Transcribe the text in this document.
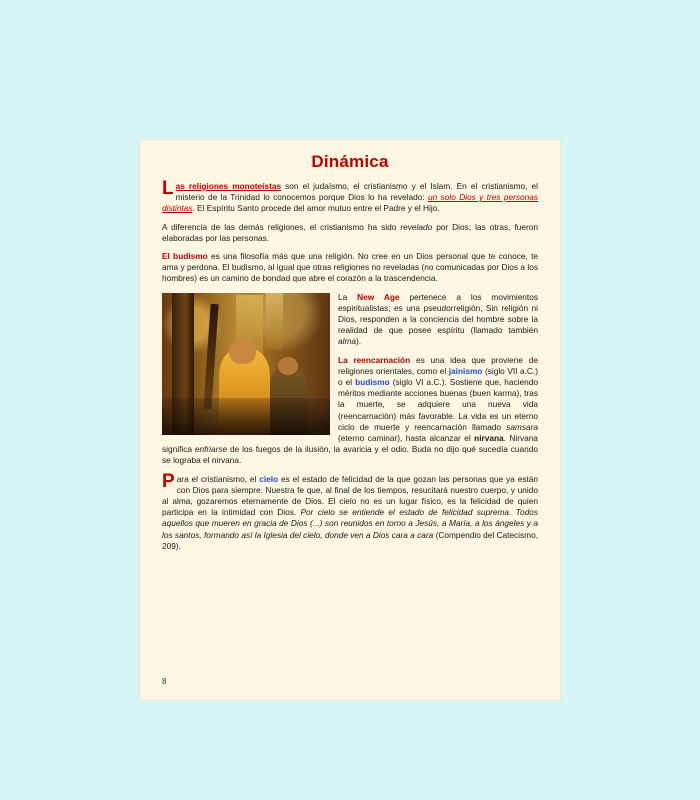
Dinámica

Las religiones monoteístas son el judaísmo, el cristianismo y el Islam. En el cristianismo, el misterio de la Trinidad lo conocemos porque Dios lo ha revelado: un solo Dios y tres personas distintas. El Espíritu Santo procede del amor mutuo entre el Padre y el Hijo.

A diferencia de las demás religiones, el cristianismo ha sido revelado por Dios; las otras, fueron elaboradas por las personas.

El budismo es una filosofía más que una religión. No cree en un Dios personal que te conoce, te ama y perdona. El budismo, al igual que otras religiones no reveladas (no comunicadas por Dios a los hombres) es un camino de bondad que abre el corazón a la trascendencia.

La New Age pertenece a los movimientos espiritualistas; es una pseudorreligión, Sin religión ni Dios, responden a la conciencia del hombre sobre la realidad de que posee espíritu (llamado también alma).

La reencarnación es una idea que proviene de religiones orientales, como el jainismo (siglo VII a.C.) o el budismo (siglo VI a.C.). Sostiene que, haciendo méritos mediante acciones buenas (buen karma), tras la muerte, se adquiere una nueva vida (reencarnación) más favorable. La vida es un eterno ciclo de muerte y reencarnación llamado samsara (eterno caminar), hasta alcanzar el nirvana. Nirvana significa enfriarse de los fuegos de la ilusión, la avaricia y el odio. Buda no dijo qué sucedía cuando se lograba el nirvana.

Para el cristianismo, el cielo es el estado de felicidad de la que gozan las personas que ya están con Dios para siempre. Nuestra fe que, al final de los tiempos, resucitará nuestro cuerpo, y unido al alma, gozaremos eternamente de Dios. El cielo no es un lugar físico, es la felicidad de quien participa en la intimidad con Dios. Por cielo se entiende el estado de felicidad suprema. Todos aquellos que mueren en gracia de Dios (...) son reunidos en torno a Jesús, a María, a los ángeles y a los santos, formando así la Iglesia del cielo, donde ven a Dios cara a cara (Compendio del Catecismo, 209).

8
